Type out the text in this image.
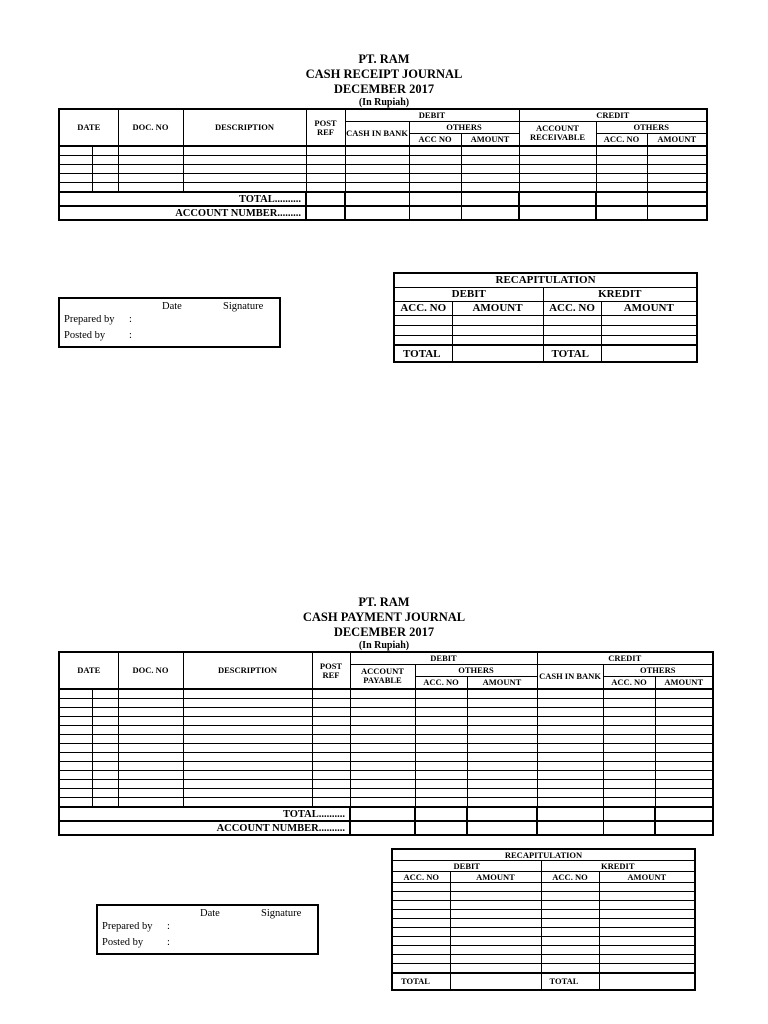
PT. RAM
CASH RECEIPT JOURNAL
DECEMBER 2017
(In Rupiah)
DATE		DOC. NO	DESCRIPTION	POST REF	DEBIT			CREDIT		
					CASH IN BANK	OTHERS		ACCOUNT RECEIVABLE	OTHERS	
						ACC NO	AMOUNT		ACC. NO	AMOUNT

TOTAL..........										
ACCOUNT NUMBER.........										
Date	Signature
Prepared by :
Posted by :
RECAPITULATION			
DEBIT		KREDIT	
ACC. NO	AMOUNT	ACC. NO	AMOUNT

TOTAL		TOTAL	
PT. RAM
CASH PAYMENT JOURNAL
DECEMBER 2017
(In Rupiah)
DATE		DOC. NO	DESCRIPTION	POST REF	DEBIT			CREDIT		
					ACCOUNT PAYABLE	OTHERS		CASH IN BANK	OTHERS	
						ACC. NO	AMOUNT		ACC. NO	AMOUNT

TOTAL..........										
ACCOUNT NUMBER..........										
RECAPITULATION			
DEBIT		KREDIT	
ACC. NO	AMOUNT	ACC. NO	AMOUNT

TOTAL		TOTAL	
Date	Signature
Prepared by :
Posted by :
